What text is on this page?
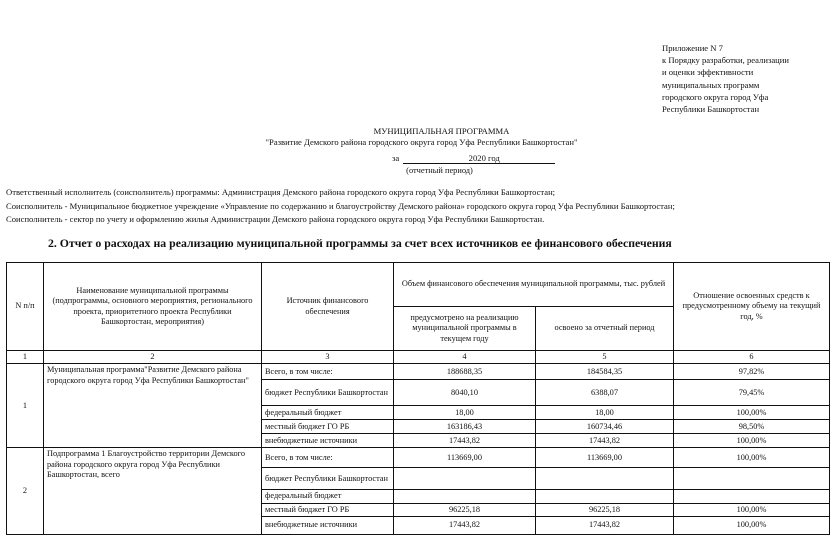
Приложение N 7
к Порядку разработки, реализации
и оценки эффективности
муниципальных программ
городского округа город Уфа
Республики Башкортостан
МУНИЦИПАЛЬНАЯ ПРОГРАММА
"Развитие Демского района городского округа город Уфа Республики Башкортостан"
за	2020 год
(отчетный период)
Ответственный исполнитель (соисполнитель) программы: Администрация Демского района городского округа город Уфа Республики Башкортостан;
Соисполнитель - Муниципальное бюджетное учреждение «Управление по содержанию и благоустройству Демского района» городского округа город Уфа Республики Башкортостан;
Соисполнитель - сектор по учету и оформлению жилья Администрации Демского района городского округа город Уфа Республики Башкортостан.
2. Отчет о расходах на реализацию муниципальной программы за счет всех источников ее финансового обеспечения
N п/п	Наименование муниципальной программы (подпрограммы, основного мероприятия, регионального проекта, приоритетного проекта Республики Башкортостан, мероприятия)	Источник финансового обеспечения	Объем финансового обеспечения муниципальной программы, тыс. рублей		Отношение освоенных средств к предусмотренному объему на текущий год, %
			предусмотрено на реализацию муниципальной программы в текущем году	освоено за отчетный период	
1	2	3	4	5	6
1	Муниципальная программа"Развитие Демского района городского округа город Уфа Республики Башкортостан"	Всего, в том числе:	188688,35	184584,35	97,82%
		бюджет Республики Башкортостан	8040,10	6388,07	79,45%
		федеральный бюджет	18,00	18,00	100,00%
		местный бюджет ГО РБ	163186,43	160734,46	98,50%
		внебюджетные источники	17443,82	17443,82	100,00%
2	Подпрограмма 1 Благоустройство территории Демского района городского округа город Уфа Республики Башкортостан, всего	Всего, в том числе:	113669,00	113669,00	100,00%
		бюджет Республики Башкортостан			
		федеральный бюджет			
		местный бюджет ГО РБ	96225,18	96225,18	100,00%
		внебюджетные источники	17443,82	17443,82	100,00%
